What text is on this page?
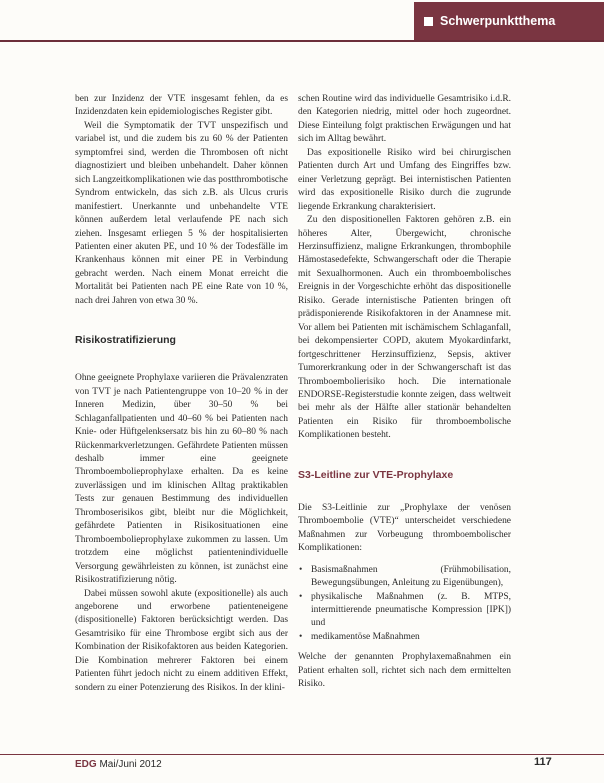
Schwerpunktthema

ben zur Inzidenz der VTE insgesamt fehlen, da es Inzidenzdaten kein epidemiologisches Register gibt.

Weil die Symptomatik der TVT unspezifisch und variabel ist, und die zudem bis zu 60 % der Patienten symptomfrei sind, werden die Thrombosen oft nicht diagnostiziert und bleiben unbehandelt. Daher können sich Langzeitkomplikationen wie das postthrombotische Syndrom entwickeln, das sich z.B. als Ulcus cruris manifestiert. Unerkannte und unbehandelte VTE können außerdem letal verlaufende PE nach sich ziehen. Insgesamt erliegen 5 % der hospitalisierten Patienten einer akuten PE, und 10 % der Todesfälle im Krankenhaus können mit einer PE in Verbindung gebracht werden. Nach einem Monat erreicht die Mortalität bei Patienten nach PE eine Rate von 10 %, nach drei Jahren von etwa 30 %.

Risikostratifizierung

Ohne geeignete Prophylaxe variieren die Prävalenzraten von TVT je nach Patientengruppe von 10–20 % in der Inneren Medizin, über 30–50 % bei Schlaganfallpatienten und 40–60 % bei Patienten nach Knie- oder Hüftgelenksersatz bis hin zu 60–80 % nach Rückenmarkverletzungen. Gefährdete Patienten müssen deshalb immer eine geeignete Thromboembolieprophylaxe erhalten. Da es keine zuverlässigen und im klinischen Alltag praktikablen Tests zur genauen Bestimmung des individuellen Thromboserisikos gibt, bleibt nur die Möglichkeit, gefährdete Patienten in Risikosituationen eine Thromboembolieprophylaxe zukommen zu lassen. Um trotzdem eine möglichst patientenindividuelle Versorgung gewährleisten zu können, ist zunächst eine Risikostratifizierung nötig.

Dabei müssen sowohl akute (expositionelle) als auch angeborene und erworbene patienteneigene (dispositionelle) Faktoren berücksichtigt werden. Das Gesamtrisiko für eine Thrombose ergibt sich aus der Kombination der Risikofaktoren aus beiden Kategorien. Die Kombination mehrerer Faktoren bei einem Patienten führt jedoch nicht zu einem additiven Effekt, sondern zu einer Potenzierung des Risikos. In der klini-

schen Routine wird das individuelle Gesamtrisiko i.d.R. den Kategorien niedrig, mittel oder hoch zugeordnet. Diese Einteilung folgt praktischen Erwägungen und hat sich im Alltag bewährt.

Das expositionelle Risiko wird bei chirurgischen Patienten durch Art und Umfang des Eingriffes bzw. einer Verletzung geprägt. Bei internistischen Patienten wird das expositionelle Risiko durch die zugrunde liegende Erkrankung charakterisiert.

Zu den dispositionellen Faktoren gehören z.B. ein höheres Alter, Übergewicht, chronische Herzinsuffizienz, maligne Erkrankungen, thrombophile Hämostasedefekte, Schwangerschaft oder die Therapie mit Sexualhormonen. Auch ein thromboembolisches Ereignis in der Vorgeschichte erhöht das dispositionelle Risiko. Gerade internistische Patienten bringen oft prädisponierende Risikofaktoren in der Anamnese mit. Vor allem bei Patienten mit ischämischem Schlaganfall, bei dekompensierter COPD, akutem Myokardinfarkt, fortgeschrittener Herzinsuffizienz, Sepsis, aktiver Tumorerkrankung oder in der Schwangerschaft ist das Thromboembolierisiko hoch. Die internationale ENDORSE-Registerstudie konnte zeigen, dass weltweit bei mehr als der Hälfte aller stationär behandelten Patienten ein Risiko für thromboembolische Komplikationen besteht.

S3-Leitline zur VTE-Prophylaxe

Die S3-Leitlinie zur „Prophylaxe der venösen Thromboembolie (VTE)“ unterscheidet verschiedene Maßnahmen zur Vorbeugung thromboembolischer Komplikationen:

• Basismaßnahmen (Frühmobilisation, Bewegungsübungen, Anleitung zu Eigenübungen),
• physikalische Maßnahmen (z. B. MTPS, intermittierende pneumatische Kompression [IPK]) und
• medikamentöse Maßnahmen

Welche der genannten Prophylaxemaßnahmen ein Patient erhalten soll, richtet sich nach dem ermittelten Risiko.

EDG Mai/Juni 2012	117
